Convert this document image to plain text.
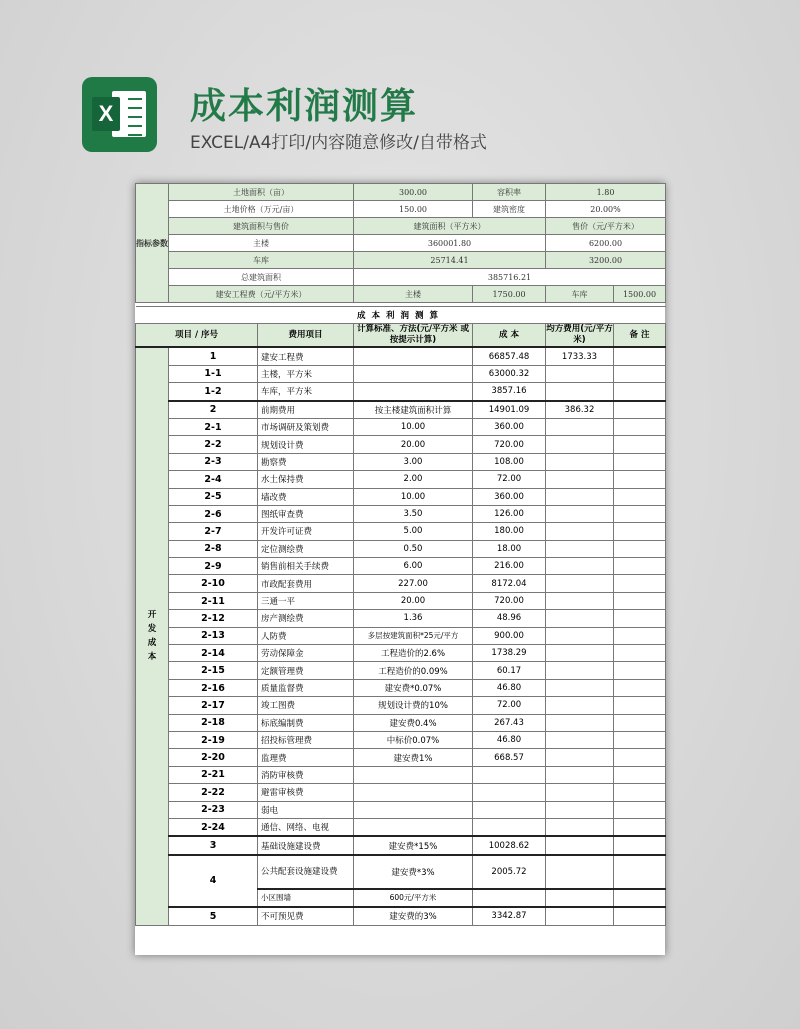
X 成本利润测算
EXCEL/A4打印/内容随意修改/自带格式
指标参数	土地面积（亩）	300.00	容积率	1.80	
	土地价格（万元/亩）	150.00	建筑密度	20.00%	
	建筑面积与售价	建筑面积（平方米）		售价（元/平方米）	
	主楼	360001.80		6200.00	
	车库	25714.41		3200.00	
	总建筑面积	385716.21			
	建安工程费（元/平方米）	主楼	1750.00	车库	1500.00
成本利润测算						
项目 / 序号		费用项目	计算标准、方法(元/平方米 或按提示计算)	成 本	均方费用(元/平方米)	备 注
开发成本	1	建安工程费		66857.48	1733.33	
	1-1	主楼，平方米		63000.32		
	1-2	车库，平方米		3857.16		
	2	前期费用	按主楼建筑面积计算	14901.09	386.32	
	2-1	市场调研及策划费	10.00	360.00		
	2-2	规划设计费	20.00	720.00		
	2-3	勘察费	3.00	108.00		
	2-4	水土保持费	2.00	72.00		
	2-5	墙改费	10.00	360.00		
	2-6	图纸审查费	3.50	126.00		
	2-7	开发许可证费	5.00	180.00		
	2-8	定位测绘费	0.50	18.00		
	2-9	销售前相关手续费	6.00	216.00		
	2-10	市政配套费用	227.00	8172.04		
	2-11	三通一平	20.00	720.00		
	2-12	房产测绘费	1.36	48.96		
	2-13	人防费	多层按建筑面积*25元/平方	900.00		
	2-14	劳动保障金	工程造价的2.6%	1738.29		
	2-15	定额管理费	工程造价的0.09%	60.17		
	2-16	质量监督费	建安费*0.07%	46.80		
	2-17	竣工图费	规划设计费的10%	72.00		
	2-18	标底编制费	建安费0.4%	267.43		
	2-19	招投标管理费	中标价0.07%	46.80		
	2-20	监理费	建安费1%	668.57		
	2-21	消防审核费				
	2-22	避雷审核费				
	2-23	弱电				
	2-24	通信、网络、电视				
	3	基础设施建设费	建安费*15%	10028.62		
	4	公共配套设施建设费	建安费*3%	2005.72		
		小区围墙	600元/平方米			
	5	不可预见费	建安费的3%	3342.87		
